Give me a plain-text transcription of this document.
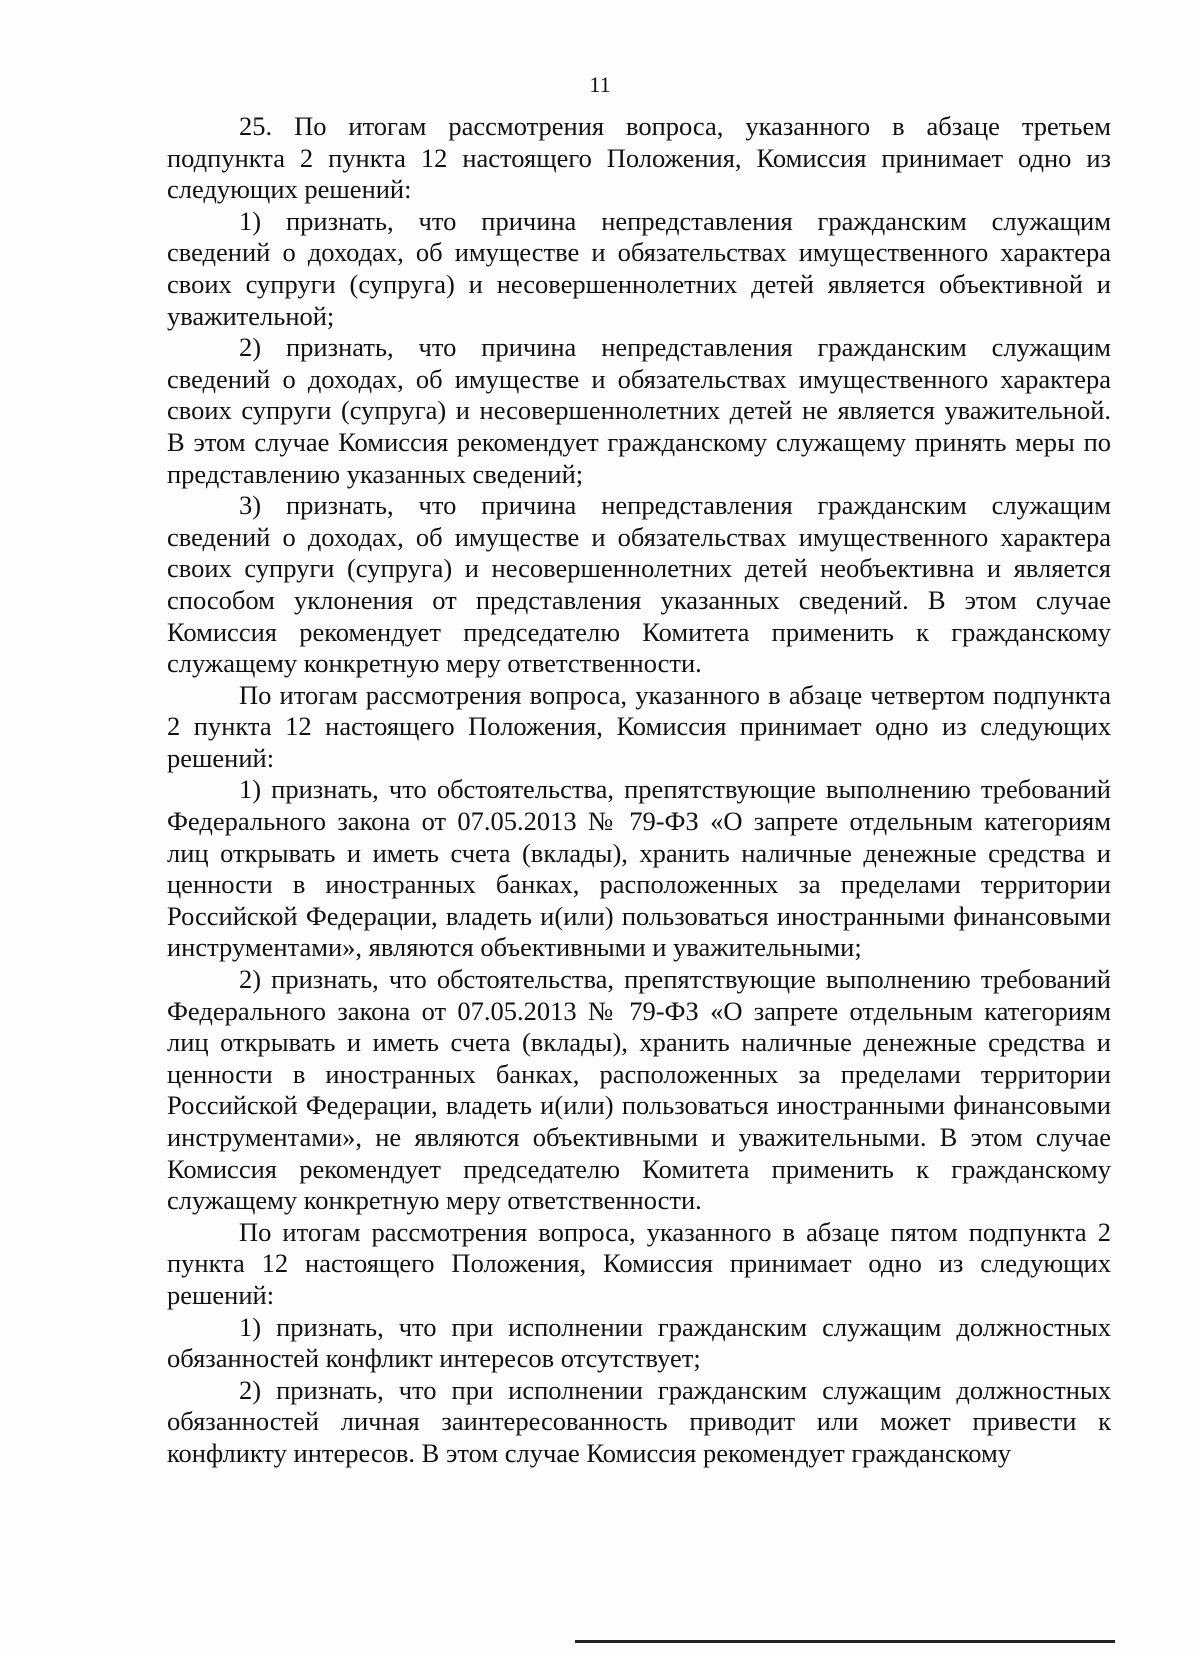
11

25. По итогам рассмотрения вопроса, указанного в абзаце третьем подпункта 2 пункта 12 настоящего Положения, Комиссия принимает одно из следующих решений:

1) признать, что причина непредставления гражданским служащим сведений о доходах, об имуществе и обязательствах имущественного характера своих супруги (супруга) и несовершеннолетних детей является объективной и уважительной;

2) признать, что причина непредставления гражданским служащим сведений о доходах, об имуществе и обязательствах имущественного характера своих супруги (супруга) и несовершеннолетних детей не является уважительной. В этом случае Комиссия рекомендует гражданскому служащему принять меры по представлению указанных сведений;

3) признать, что причина непредставления гражданским служащим сведений о доходах, об имуществе и обязательствах имущественного характера своих супруги (супруга) и несовершеннолетних детей необъективна и является способом уклонения от представления указанных сведений. В этом случае Комиссия рекомендует председателю Комитета применить к гражданскому служащему конкретную меру ответственности.

По итогам рассмотрения вопроса, указанного в абзаце четвертом подпункта 2 пункта 12 настоящего Положения, Комиссия принимает одно из следующих решений:

1) признать, что обстоятельства, препятствующие выполнению требований Федерального закона от 07.05.2013 № 79-ФЗ «О запрете отдельным категориям лиц открывать и иметь счета (вклады), хранить наличные денежные средства и ценности в иностранных банках, расположенных за пределами территории Российской Федерации, владеть и(или) пользоваться иностранными финансовыми инструментами», являются объективными и уважительными;

2) признать, что обстоятельства, препятствующие выполнению требований Федерального закона от 07.05.2013 № 79-ФЗ «О запрете отдельным категориям лиц открывать и иметь счета (вклады), хранить наличные денежные средства и ценности в иностранных банках, расположенных за пределами территории Российской Федерации, владеть и(или) пользоваться иностранными финансовыми инструментами», не являются объективными и уважительными. В этом случае Комиссия рекомендует председателю Комитета применить к гражданскому служащему конкретную меру ответственности.

По итогам рассмотрения вопроса, указанного в абзаце пятом подпункта 2 пункта 12 настоящего Положения, Комиссия принимает одно из следующих решений:

1) признать, что при исполнении гражданским служащим должностных обязанностей конфликт интересов отсутствует;

2) признать, что при исполнении гражданским служащим должностных обязанностей личная заинтересованность приводит или может привести к конфликту интересов. В этом случае Комиссия рекомендует гражданскому
